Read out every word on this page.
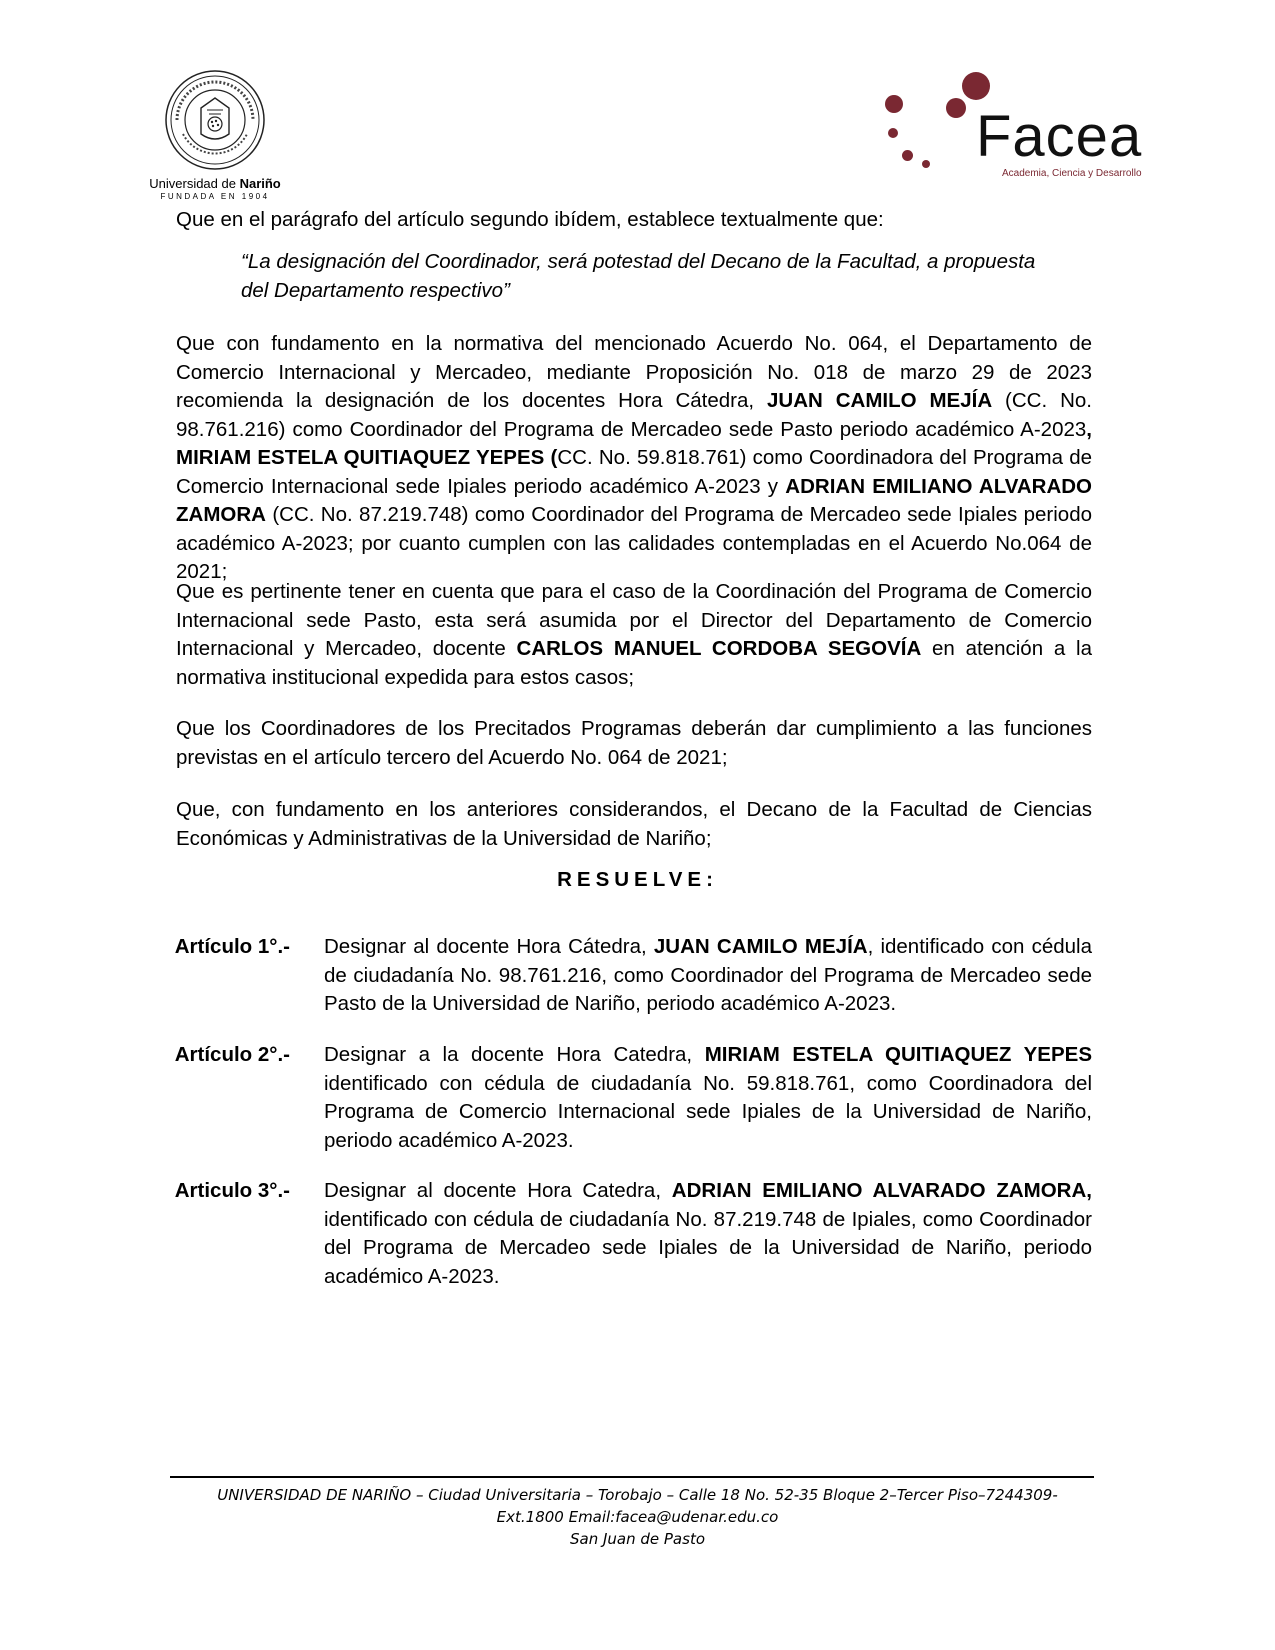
Universidad de Nariño
FUNDADA EN 1904
Facea
Academia, Ciencia y Desarrollo
Que en el parágrafo del artículo segundo ibídem, establece textualmente que:
“La designación del Coordinador, será potestad del Decano de la Facultad, a propuesta del Departamento respectivo”
Que con fundamento en la normativa del mencionado Acuerdo No. 064, el Departamento de Comercio Internacional y Mercadeo, mediante Proposición No. 018 de marzo 29 de 2023 recomienda la designación de los docentes Hora Cátedra, JUAN CAMILO MEJÍA (CC. No. 98.761.216) como Coordinador del Programa de Mercadeo sede Pasto periodo académico A-2023, MIRIAM ESTELA QUITIAQUEZ YEPES (CC. No. 59.818.761) como Coordinadora del Programa de Comercio Internacional sede Ipiales periodo académico A-2023 y ADRIAN EMILIANO ALVARADO ZAMORA (CC. No. 87.219.748) como Coordinador del Programa de Mercadeo sede Ipiales periodo académico A-2023; por cuanto cumplen con las calidades contempladas en el Acuerdo No.064 de 2021;
Que es pertinente tener en cuenta que para el caso de la Coordinación del Programa de Comercio Internacional sede Pasto, esta será asumida por el Director del Departamento de Comercio Internacional y Mercadeo, docente CARLOS MANUEL CORDOBA SEGOVÍA en atención a la normativa institucional expedida para estos casos;
Que los Coordinadores de los Precitados Programas deberán dar cumplimiento a las funciones previstas en el artículo tercero del Acuerdo No. 064 de 2021;
Que, con fundamento en los anteriores considerandos, el Decano de la Facultad de Ciencias Económicas y Administrativas de la Universidad de Nariño;
RESUELVE:
Artículo 1°.- Designar al docente Hora Cátedra, JUAN CAMILO MEJÍA, identificado con cédula de ciudadanía No. 98.761.216, como Coordinador del Programa de Mercadeo sede Pasto de la Universidad de Nariño, periodo académico A-2023.
Artículo 2°.- Designar a la docente Hora Catedra, MIRIAM ESTELA QUITIAQUEZ YEPES identificado con cédula de ciudadanía No. 59.818.761, como Coordinadora del Programa de Comercio Internacional sede Ipiales de la Universidad de Nariño, periodo académico A-2023.
Articulo 3°.- Designar al docente Hora Catedra, ADRIAN EMILIANO ALVARADO ZAMORA, identificado con cédula de ciudadanía No. 87.219.748 de Ipiales, como Coordinador del Programa de Mercadeo sede Ipiales de la Universidad de Nariño, periodo académico A-2023.
UNIVERSIDAD DE NARIÑO – Ciudad Universitaria – Torobajo – Calle 18 No. 52-35 Bloque 2–Tercer Piso–7244309-
Ext.1800 Email:facea@udenar.edu.co
San Juan de Pasto
